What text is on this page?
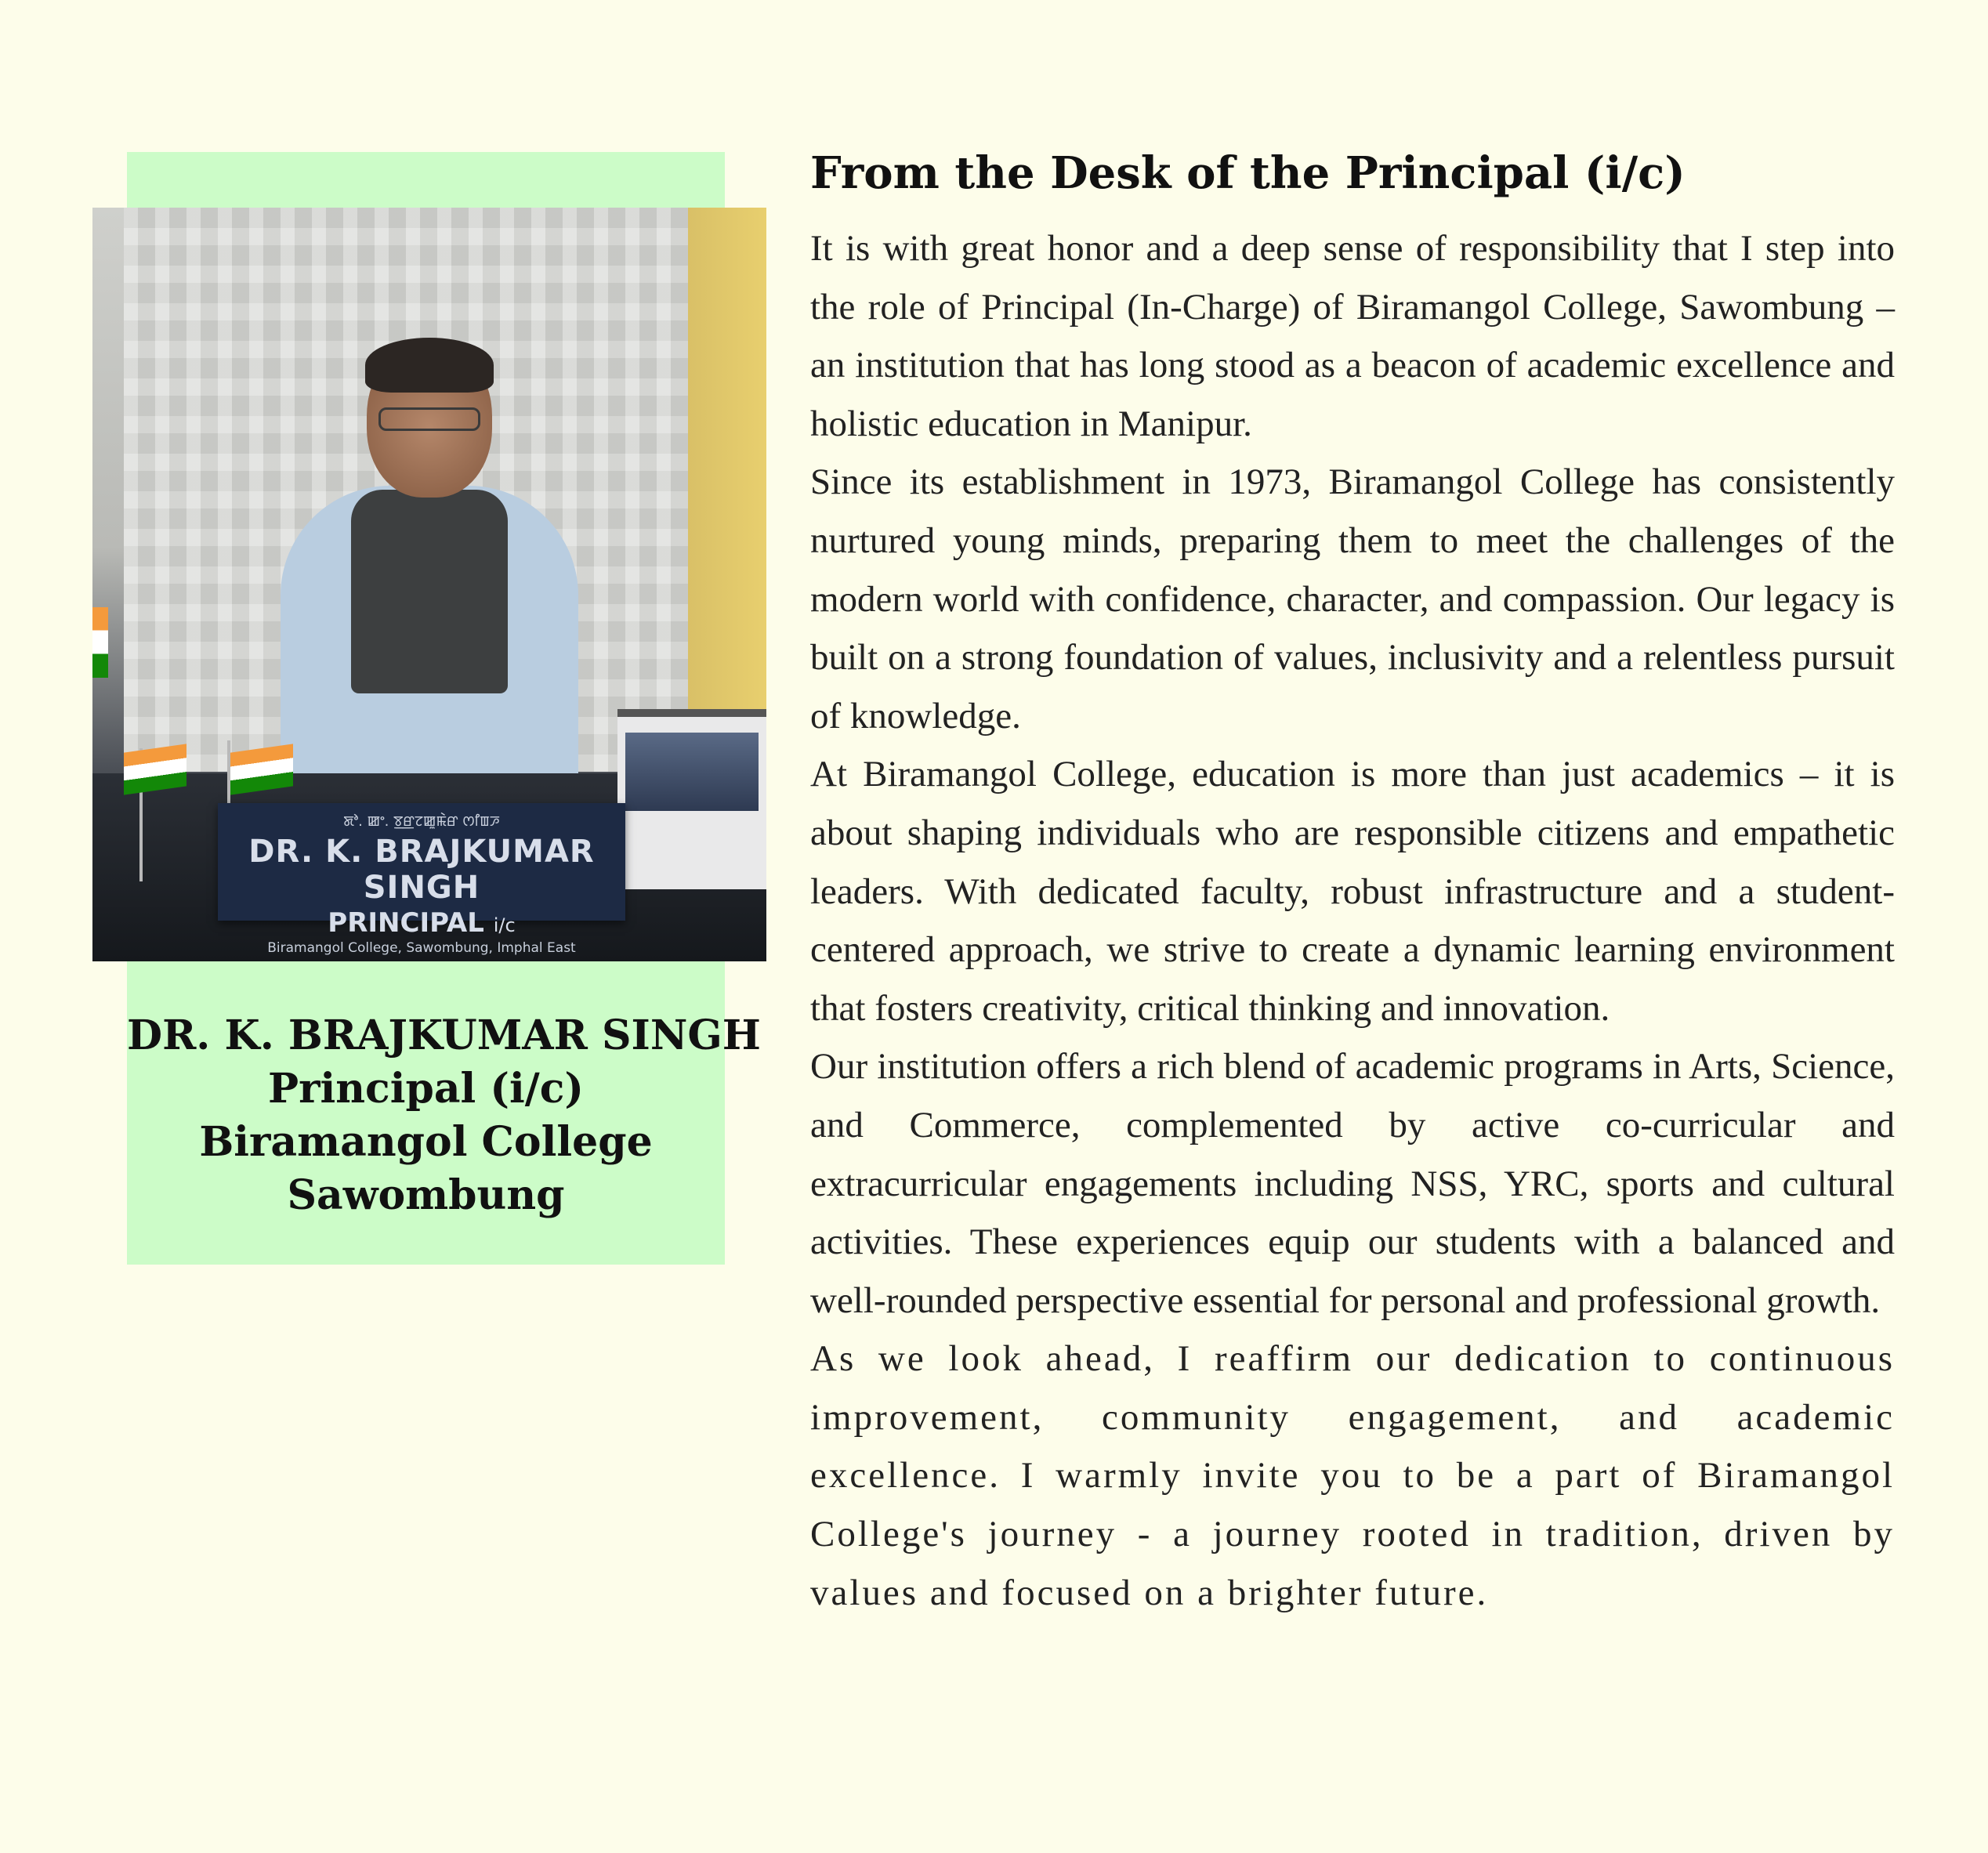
ꯗꯣ. ꯀꯦ. ꯕ꯭ꯔꯖꯀꯨꯃꯥꯔ ꯁꯤꯡꯍ
DR. K. BRAJKUMAR SINGH
PRINCIPAL i/c
Biramangol College, Sawombung, Imphal East
DR. K. BRAJKUMAR SINGH
Principal (i/c)
Biramangol College
Sawombung
From the Desk of the Principal (i/c)

It is with great honor and a deep sense of responsibility that I step into the role of Principal (In-Charge) of Biramangol College, Sawombung – an institution that has long stood as a beacon of academic excellence and holistic education in Manipur.

Since its establishment in 1973, Biramangol College has consistently nurtured young minds, preparing them to meet the challenges of the modern world with confidence, character, and compassion. Our legacy is built on a strong foundation of values, inclusivity and a relentless pursuit of knowledge.

At Biramangol College, education is more than just academics – it is about shaping individuals who are responsible citizens and empathetic leaders. With dedicated faculty, robust infrastructure and a student-centered approach, we strive to create a dynamic learning environment that fosters creativity, critical thinking and innovation.

Our institution offers a rich blend of academic programs in Arts, Science, and Commerce, complemented by active co-curricular and extracurricular engagements including NSS, YRC, sports and cultural activities. These experiences equip our students with a balanced and well-rounded perspective essential for personal and professional growth.

As we look ahead, I reaffirm our dedication to continuous improvement, community engagement, and academic excellence. I warmly invite you to be a part of Biramangol College's journey - a journey rooted in tradition, driven by values and focused on a brighter future.
